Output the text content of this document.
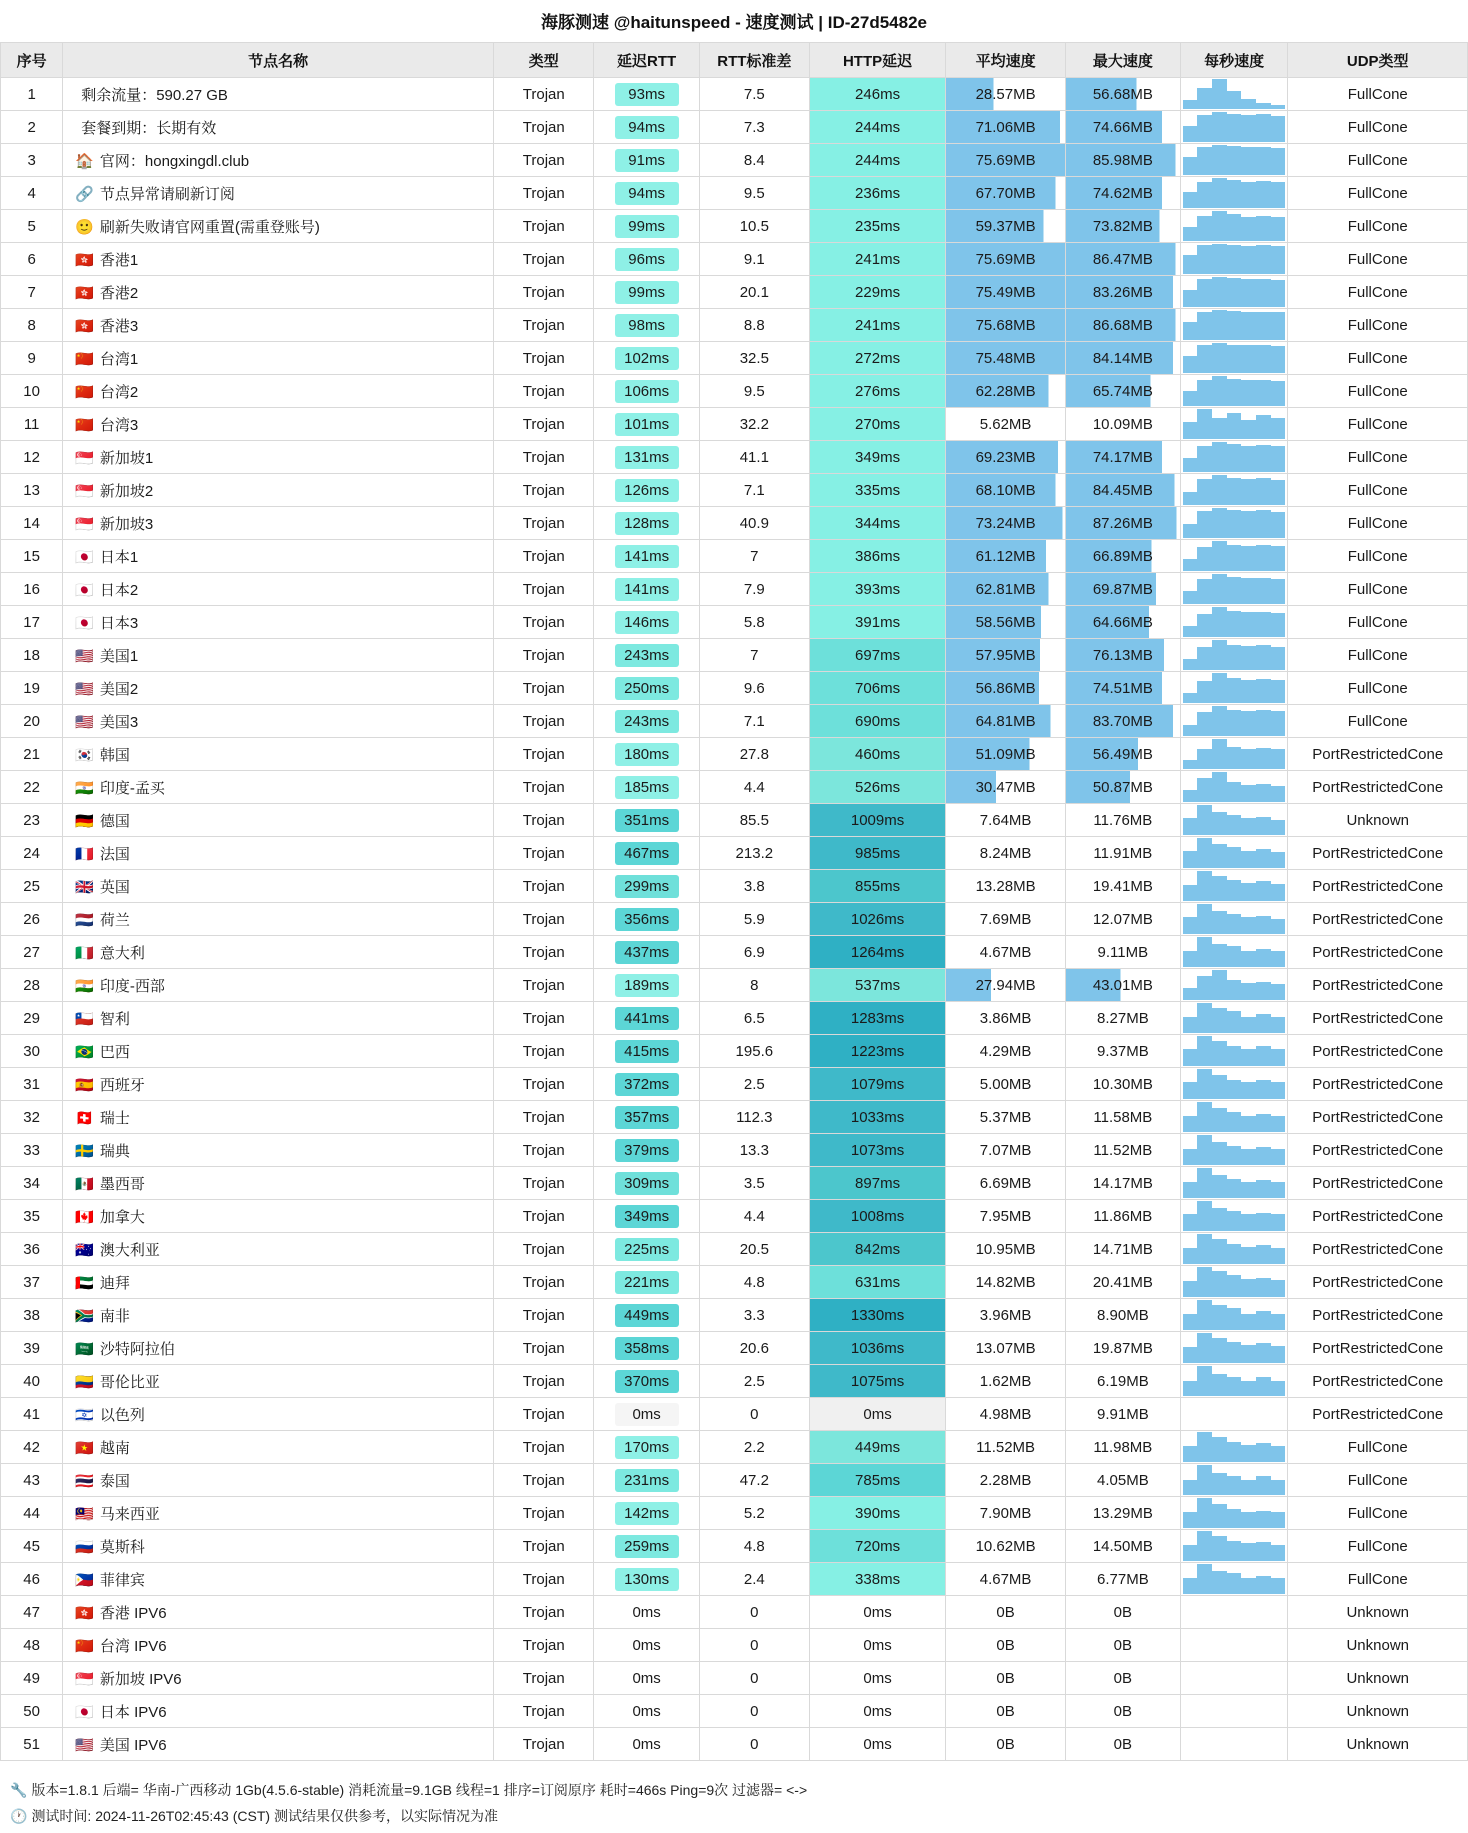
海豚测速 @haitunspeed - 速度测试 | ID-27d5482e
序号	节点名称	类型	延迟RTT	RTT标准差	HTTP延迟	平均速度	最大速度	每秒速度	UDP类型
1	剩余流量：590.27 GB	Trojan	93ms	7.5	246ms	28.57MB	56.68MB		FullCone
2	套餐到期：长期有效	Trojan	94ms	7.3	244ms	71.06MB	74.66MB		FullCone
3	🏠 官网：hongxingdl.club	Trojan	91ms	8.4	244ms	75.69MB	85.98MB		FullCone
4	🔗 节点异常请刷新订阅	Trojan	94ms	9.5	236ms	67.70MB	74.62MB		FullCone
5	🙂 刷新失败请官网重置(需重登账号)	Trojan	99ms	10.5	235ms	59.37MB	73.82MB		FullCone
6	🇭🇰 香港1	Trojan	96ms	9.1	241ms	75.69MB	86.47MB		FullCone
7	🇭🇰 香港2	Trojan	99ms	20.1	229ms	75.49MB	83.26MB		FullCone
8	🇭🇰 香港3	Trojan	98ms	8.8	241ms	75.68MB	86.68MB		FullCone
9	🇨🇳 台湾1	Trojan	102ms	32.5	272ms	75.48MB	84.14MB		FullCone
10	🇨🇳 台湾2	Trojan	106ms	9.5	276ms	62.28MB	65.74MB		FullCone
11	🇨🇳 台湾3	Trojan	101ms	32.2	270ms	5.62MB	10.09MB		FullCone
12	🇸🇬 新加坡1	Trojan	131ms	41.1	349ms	69.23MB	74.17MB		FullCone
13	🇸🇬 新加坡2	Trojan	126ms	7.1	335ms	68.10MB	84.45MB		FullCone
14	🇸🇬 新加坡3	Trojan	128ms	40.9	344ms	73.24MB	87.26MB		FullCone
15	🇯🇵 日本1	Trojan	141ms	7	386ms	61.12MB	66.89MB		FullCone
16	🇯🇵 日本2	Trojan	141ms	7.9	393ms	62.81MB	69.87MB		FullCone
17	🇯🇵 日本3	Trojan	146ms	5.8	391ms	58.56MB	64.66MB		FullCone
18	🇺🇸 美国1	Trojan	243ms	7	697ms	57.95MB	76.13MB		FullCone
19	🇺🇸 美国2	Trojan	250ms	9.6	706ms	56.86MB	74.51MB		FullCone
20	🇺🇸 美国3	Trojan	243ms	7.1	690ms	64.81MB	83.70MB		FullCone
21	🇰🇷 韩国	Trojan	180ms	27.8	460ms	51.09MB	56.49MB		PortRestrictedCone
22	🇮🇳 印度-孟买	Trojan	185ms	4.4	526ms	30.47MB	50.87MB		PortRestrictedCone
23	🇩🇪 德国	Trojan	351ms	85.5	1009ms	7.64MB	11.76MB		Unknown
24	🇫🇷 法国	Trojan	467ms	213.2	985ms	8.24MB	11.91MB		PortRestrictedCone
25	🇬🇧 英国	Trojan	299ms	3.8	855ms	13.28MB	19.41MB		PortRestrictedCone
26	🇳🇱 荷兰	Trojan	356ms	5.9	1026ms	7.69MB	12.07MB		PortRestrictedCone
27	🇮🇹 意大利	Trojan	437ms	6.9	1264ms	4.67MB	9.11MB		PortRestrictedCone
28	🇮🇳 印度-西部	Trojan	189ms	8	537ms	27.94MB	43.01MB		PortRestrictedCone
29	🇨🇱 智利	Trojan	441ms	6.5	1283ms	3.86MB	8.27MB		PortRestrictedCone
30	🇧🇷 巴西	Trojan	415ms	195.6	1223ms	4.29MB	9.37MB		PortRestrictedCone
31	🇪🇸 西班牙	Trojan	372ms	2.5	1079ms	5.00MB	10.30MB		PortRestrictedCone
32	🇨🇭 瑞士	Trojan	357ms	112.3	1033ms	5.37MB	11.58MB		PortRestrictedCone
33	🇸🇪 瑞典	Trojan	379ms	13.3	1073ms	7.07MB	11.52MB		PortRestrictedCone
34	🇲🇽 墨西哥	Trojan	309ms	3.5	897ms	6.69MB	14.17MB		PortRestrictedCone
35	🇨🇦 加拿大	Trojan	349ms	4.4	1008ms	7.95MB	11.86MB		PortRestrictedCone
36	🇦🇺 澳大利亚	Trojan	225ms	20.5	842ms	10.95MB	14.71MB		PortRestrictedCone
37	🇦🇪 迪拜	Trojan	221ms	4.8	631ms	14.82MB	20.41MB		PortRestrictedCone
38	🇿🇦 南非	Trojan	449ms	3.3	1330ms	3.96MB	8.90MB		PortRestrictedCone
39	🇸🇦 沙特阿拉伯	Trojan	358ms	20.6	1036ms	13.07MB	19.87MB		PortRestrictedCone
40	🇨🇴 哥伦比亚	Trojan	370ms	2.5	1075ms	1.62MB	6.19MB		PortRestrictedCone
41	🇮🇱 以色列	Trojan	0ms	0	0ms	4.98MB	9.91MB		PortRestrictedCone
42	🇻🇳 越南	Trojan	170ms	2.2	449ms	11.52MB	11.98MB		FullCone
43	🇹🇭 泰国	Trojan	231ms	47.2	785ms	2.28MB	4.05MB		FullCone
44	🇲🇾 马来西亚	Trojan	142ms	5.2	390ms	7.90MB	13.29MB		FullCone
45	🇷🇺 莫斯科	Trojan	259ms	4.8	720ms	10.62MB	14.50MB		FullCone
46	🇵🇭 菲律宾	Trojan	130ms	2.4	338ms	4.67MB	6.77MB		FullCone
47	🇭🇰 香港 IPV6	Trojan	0ms	0	0ms	0B	0B		Unknown
48	🇨🇳 台湾 IPV6	Trojan	0ms	0	0ms	0B	0B		Unknown
49	🇸🇬 新加坡 IPV6	Trojan	0ms	0	0ms	0B	0B		Unknown
50	🇯🇵 日本 IPV6	Trojan	0ms	0	0ms	0B	0B		Unknown
51	🇺🇸 美国 IPV6	Trojan	0ms	0	0ms	0B	0B		Unknown
🔧 版本=1.8.1 后端= 华南-广西移动 1Gb(4.5.6-stable) 消耗流量=9.1GB 线程=1 排序=订阅原序 耗时=466s Ping=9次 过滤器= <->
🕐 测试时间: 2024-11-26T02:45:43 (CST) 测试结果仅供参考，以实际情况为准
